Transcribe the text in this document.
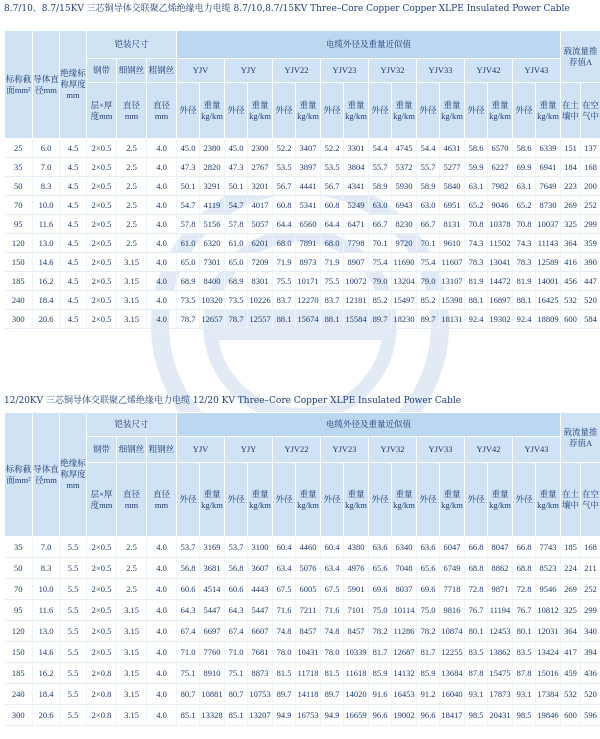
8.7/10、8.7/15KV 三芯铜导体交联聚乙烯绝缘电力电缆 8.7/10,8.7/15KV Three–Core Copper Copper XLPE Insulated Power Cable
标称截面mm²	导体直径mm	绝缘标称厚度mm	铠装尺寸			电缆外径及重量近似值																载流量推荐值A	
			钢带	细钢丝	粗钢丝	YJV		YJY		YJV22		YJV23		YJV32		YJV33		YJV42		YJV43			
			层×厚度mm	直径mm	直径mm	外径	重量 kg/km	外径	重量 kg/km	外径	重量 kg/km	外径	重量 kg/km	外径	重量 kg/km	外径	重量 kg/km	外径	重量 kg/km	外径	重量 kg/km	在土壤中	在空气中
25	6.0	4.5	2×0.5	2.5	4.0	45.0	2380	45.0	2300	52.2	3407	52.2	3301	54.4	4745	54.4	4631	58.6	6570	58.6	6339	151	137
35	7.0	4.5	2×0.5	2.5	4.0	47.3	2820	47.3	2767	53.5	3897	53.5	3804	55.7	5372	55.7	5277	59.9	6227	69.9	6941	184	168
50	8.3	4.5	2×0.5	2.5	4.0	50.1	3291	50.1	3201	56.7	4441	56.7	4341	58.9	5930	58.9	5840	63.1	7982	63.1	7649	223	200
70	10.0	4.5	2×0.5	2.5	4.0	54.7	4119	54.7	4017	60.8	5341	60.8	5249	63.0	6943	63.0	6951	65.2	9046	65.2	8730	269	252
95	11.6	4.5	2×0.5	2.5	4.0	57.8	5156	57.8	5057	64.4	6560	64.4	6471	66.7	8230	66.7	8131	70.8	10378	70.8	10037	325	299
120	13.0	4.5	2×0.5	2.5	4.0	61.0	6320	61.0	6201	68.0	7891	68.0	7798	70.1	9720	70.1	9610	74.3	11502	74.3	11143	364	359
150	14.6	4.5	2×0.5	3.15	4.0	65.0	7301	65.0	7209	71.9	8973	71.9	8907	75.4	11690	75.4	11607	78.3	13041	78.3	12589	416	390
185	16.2	4.5	2×0.5	3.15	4.0	68.9	8400	68.9	8301	75.5	10171	75.5	10072	79.0	13204	79.0	13107	81.9	14472	81.9	14001	456	447
240	18.4	4.5	2×0.5	3.15	4.0	73.5	10320	73.5	10226	83.7	12270	83.7	12181	85.2	15497	85.2	15398	88.1	16897	88.1	16425	532	520
300	20.6	4.5	2×0.5	3.15	4.0	78.7	12657	78.7	12557	88.1	15674	88.1	15584	89.7	18230	89.7	18131	92.4	19302	92.4	18809	600	584
12/20KV 三芯铜导体交联聚乙烯绝缘电力电缆 12/20 KV Three–Core Copper XLPE Insulated Power Cable
标称截面mm²	导体直径mm	绝缘标称厚度mm	铠装尺寸			电缆外径及重量近似值																载流量推荐值A	
			钢带	细钢丝	粗钢丝	YJV		YJY		YJV22		YJV23		YJV32		YJV33		YJV42		YJV43			
			层×厚度mm	直径mm	直径mm	外径	重量 kg/km	外径	重量 kg/km	外径	重量 kg/km	外径	重量 kg/km	外径	重量 kg/km	外径	重量 kg/km	外径	重量 kg/km	外径	重量 kg/km	在土壤中	在空气中
35	7.0	5.5	2×0.5	2.5	4.0	53.7	3169	53.7	3100	60.4	4460	60.4	4380	63.6	6340	63.6	6047	66.8	8047	66.8	7743	185	168
50	8.3	5.5	2×0.5	2.5	4.0	56.8	3681	56.8	3607	63.4	5076	63.4	4976	65.6	7048	65.6	6749	68.8	8862	68.8	8523	224	211
70	10.0	5.5	2×0.5	2.5	4.0	60.6	4514	60.6	4443	67.5	6005	67.5	5901	69.6	8037	69.6	7718	72.8	9871	72.8	9546	269	252
95	11.6	5.5	2×0.5	3.15	4.0	64.3	5447	64.3	5447	71.6	7211	71.6	7101	75.0	10114	75.0	9816	76.7	11194	76.7	10812	325	299
120	13.0	5.5	2×0.5	3.15	4.0	67.4	6697	67.4	6607	74.8	8457	74.8	8457	78.2	11286	78.2	10874	80.1	12453	80.1	12031	364	340
150	14.6	5.5	2×0.5	3.15	4.0	71.0	7760	71.0	7681	78.0	10431	78.0	10339	81.7	12687	81.7	12255	83.5	13862	83.5	13424	417	394
185	16.2	5.5	2×0.8	3.15	4.0	75.1	8910	75.1	8873	81.5	11718	81.5	11618	85.9	14132	85.9	13684	87.8	15475	87.8	15016	459	436
240	18.4	5.5	2×0.8	3.15	4.0	80.7	10881	80.7	10753	89.7	14118	89.7	14020	91.6	16453	91.2	16040	93.1	17873	93.1	17384	532	520
300	20.6	5.5	2×0.8	3.15	4.0	85.1	13328	85.1	13207	94.9	16753	94.9	16659	96.6	19002	96.6	18417	98.5	20431	98.5	19846	600	596
